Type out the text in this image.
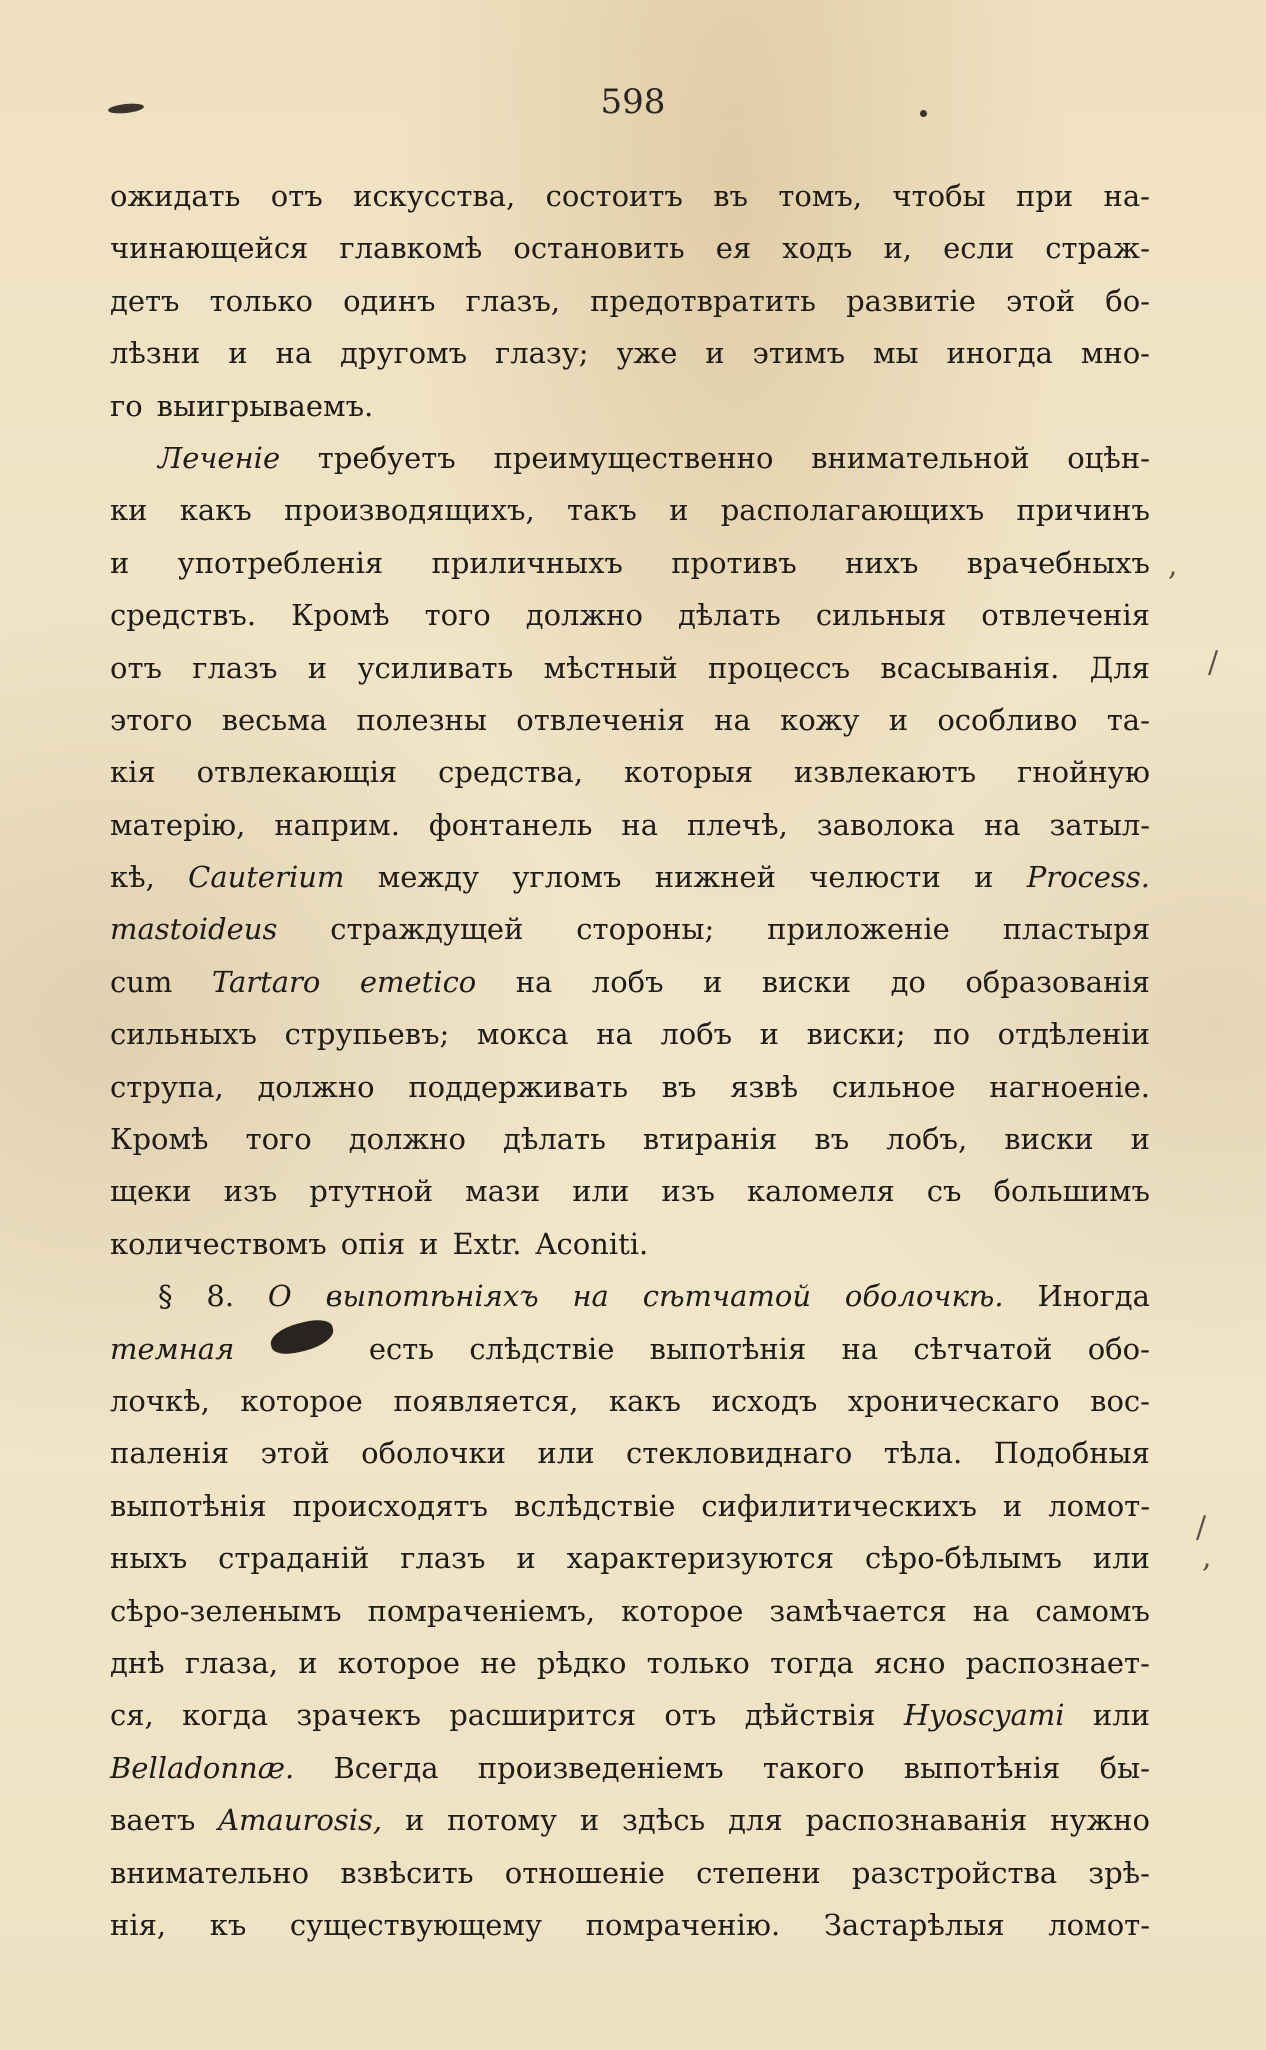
598
ожидать отъ искусства, состоитъ въ томъ, чтобы при на-
чинающейся главкомѣ остановить ея ходъ и, если страж-
детъ только одинъ глазъ, предотвратить развитіе этой бо-
лѣзни и на другомъ глазу; уже и этимъ мы иногда мно-
го выигрываемъ.
Леченіе требуетъ преимущественно внимательной оцѣн-
ки какъ производящихъ, такъ и располагающихъ причинъ
и употребленія приличныхъ противъ нихъ врачебныхъ
средствъ. Кромѣ того должно дѣлать сильныя отвлеченія
отъ глазъ и усиливать мѣстный процессъ всасыванія. Для
этого весьма полезны отвлеченія на кожу и особливо та-
кія отвлекающія средства, которыя извлекаютъ гнойную
матерію, наприм. фонтанель на плечѣ, заволока на затыл-
кѣ, Cauterium между угломъ нижней челюсти и Process.
mastoideus страждущей стороны; приложеніе пластыря
cum Tartaro emetico на лобъ и виски до образованія
сильныхъ струпьевъ; мокса на лобъ и виски; по отдѣленіи
струпа, должно поддерживать въ язвѣ сильное нагноеніе.
Кромѣ того должно дѣлать втиранія въ лобъ, виски и
щеки изъ ртутной мази или изъ каломеля съ большимъ
количествомъ опія и Extr. Aconiti.
§ 8. О выпотѣніяхъ на сѣтчатой оболочкѣ. Иногда
темная	есть слѣдствіе выпотѣнія на сѣтчатой обо-
лочкѣ, которое появляется, какъ исходъ хроническаго вос-
паленія этой оболочки или стекловиднаго тѣла. Подобныя
выпотѣнія происходятъ вслѣдствіе сифилитическихъ и ломот-
ныхъ страданій глазъ и характеризуются сѣро-бѣлымъ или
сѣро-зеленымъ помраченіемъ, которое замѣчается на самомъ
днѣ глаза, и которое не рѣдко только тогда ясно распознает-
ся, когда зрачекъ расширится отъ дѣйствія Hyoscyami или
Belladonnæ. Всегда произведеніемъ такого выпотѣнія бы-
ваетъ Amaurosis, и потому и здѣсь для распознаванія нужно
внимательно взвѣсить отношеніе степени разстройства зрѣ-
нія, къ существующему помраченію. Застарѣлыя ломот-
,
/
/
,
